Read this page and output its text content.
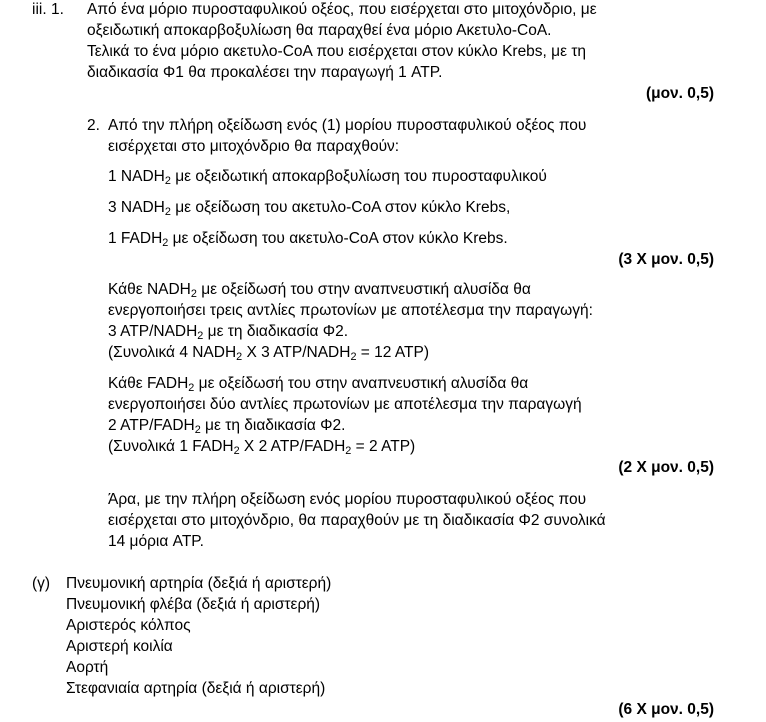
iii. 1. Από ένα μόριο πυροσταφυλικού οξέος, που εισέρχεται στο μιτοχόνδριο, με
οξειδωτική αποκαρβοξυλίωση θα παραχθεί ένα μόριο Ακετυλο-CoA.
Τελικά το ένα μόριο ακετυλο-CoA που εισέρχεται στον κύκλο Krebs, με τη
διαδικασία Φ1 θα προκαλέσει την παραγωγή 1 ATP.
(μον. 0,5)
2. Από την πλήρη οξείδωση ενός (1) μορίου πυροσταφυλικού οξέος που
εισέρχεται στο μιτοχόνδριο θα παραχθούν:
1 $NADH_2$ με οξειδωτική αποκαρβοξυλίωση του πυροσταφυλικού
3 $NADH_2$ με οξείδωση του ακετυλο-CoA στον κύκλο Krebs,
1 $FADH_2$ με οξείδωση του ακετυλο-CoA στον κύκλο Krebs.
(3 Χ μον. 0,5)
Κάθε $NADH_2$ με οξείδωσή του στην αναπνευστική αλυσίδα θα
ενεργοποιήσει τρεις αντλίες πρωτονίων με αποτέλεσμα την παραγωγή:
3 ATP/$NADH_2$ με τη διαδικασία Φ2.
(Συνολικά 4 $NADH_2$ X 3 ATP/$NADH_2 = 12$ ATP)
Κάθε $FADH_2$ με οξείδωσή του στην αναπνευστική αλυσίδα θα
ενεργοποιήσει δύο αντλίες πρωτονίων με αποτέλεσμα την παραγωγή
2 ATP/$FADH_2$ με τη διαδικασία Φ2.
(Συνολικά 1 $FADH_2$ X 2 ATP/$FADH_2 = 2$ ATP)
(2 Χ μον. 0,5)
Άρα, με την πλήρη οξείδωση ενός μορίου πυροσταφυλικού οξέος που
εισέρχεται στο μιτοχόνδριο, θα παραχθούν με τη διαδικασία Φ2 συνολικά
14 μόρια ATP.
(γ) Πνευμονική αρτηρία (δεξιά ή αριστερή)
Πνευμονική φλέβα (δεξιά ή αριστερή)
Αριστερός κόλπος
Αριστερή κοιλία
Αορτή
Στεφανιαία αρτηρία (δεξιά ή αριστερή)
(6 Χ μον. 0,5)
